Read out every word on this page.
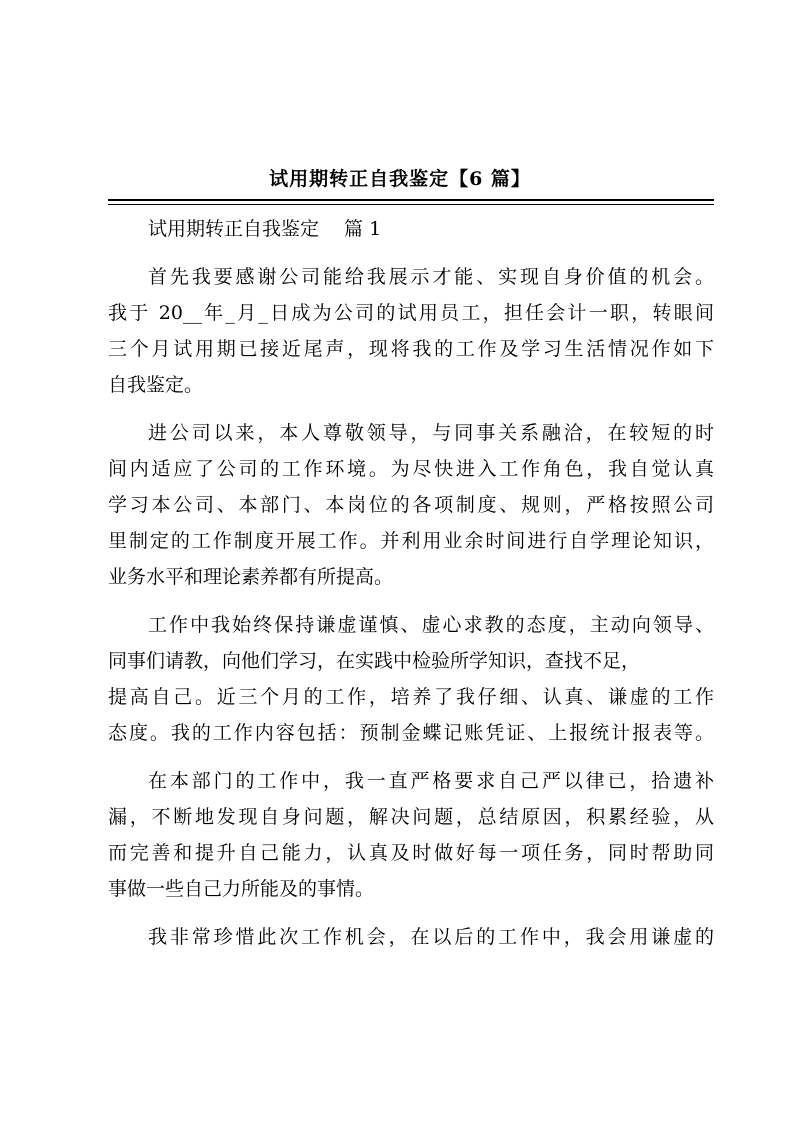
试用期转正自我鉴定【6 篇】
试用期转正自我鉴定　 篇 1
首先我要感谢公司能给我展示才能、实现自身价值的机会。
我于 20__年_月_日成为公司的试用员工，担任会计一职，转眼间
三个月试用期已接近尾声，现将我的工作及学习生活情况作如下
自我鉴定。
进公司以来，本人尊敬领导，与同事关系融洽，在较短的时
间内适应了公司的工作环境。为尽快进入工作角色，我自觉认真
学习本公司、本部门、本岗位的各项制度、规则，严格按照公司
里制定的工作制度开展工作。并利用业余时间进行自学理论知识，
业务水平和理论素养都有所提高。
工作中我始终保持谦虚谨慎、虚心求教的态度，主动向领导、
同事们请教，向他们学习，在实践中检验所学知识，查找不足，
提高自己。近三个月的工作，培养了我仔细、认真、谦虚的工作
态度。我的工作内容包括：预制金蝶记账凭证、上报统计报表等。
在本部门的工作中，我一直严格要求自己严以律已，拾遗补
漏，不断地发现自身问题，解决问题，总结原因，积累经验，从
而完善和提升自己能力，认真及时做好每一项任务，同时帮助同
事做一些自己力所能及的事情。
我非常珍惜此次工作机会，在以后的工作中，我会用谦虚的
